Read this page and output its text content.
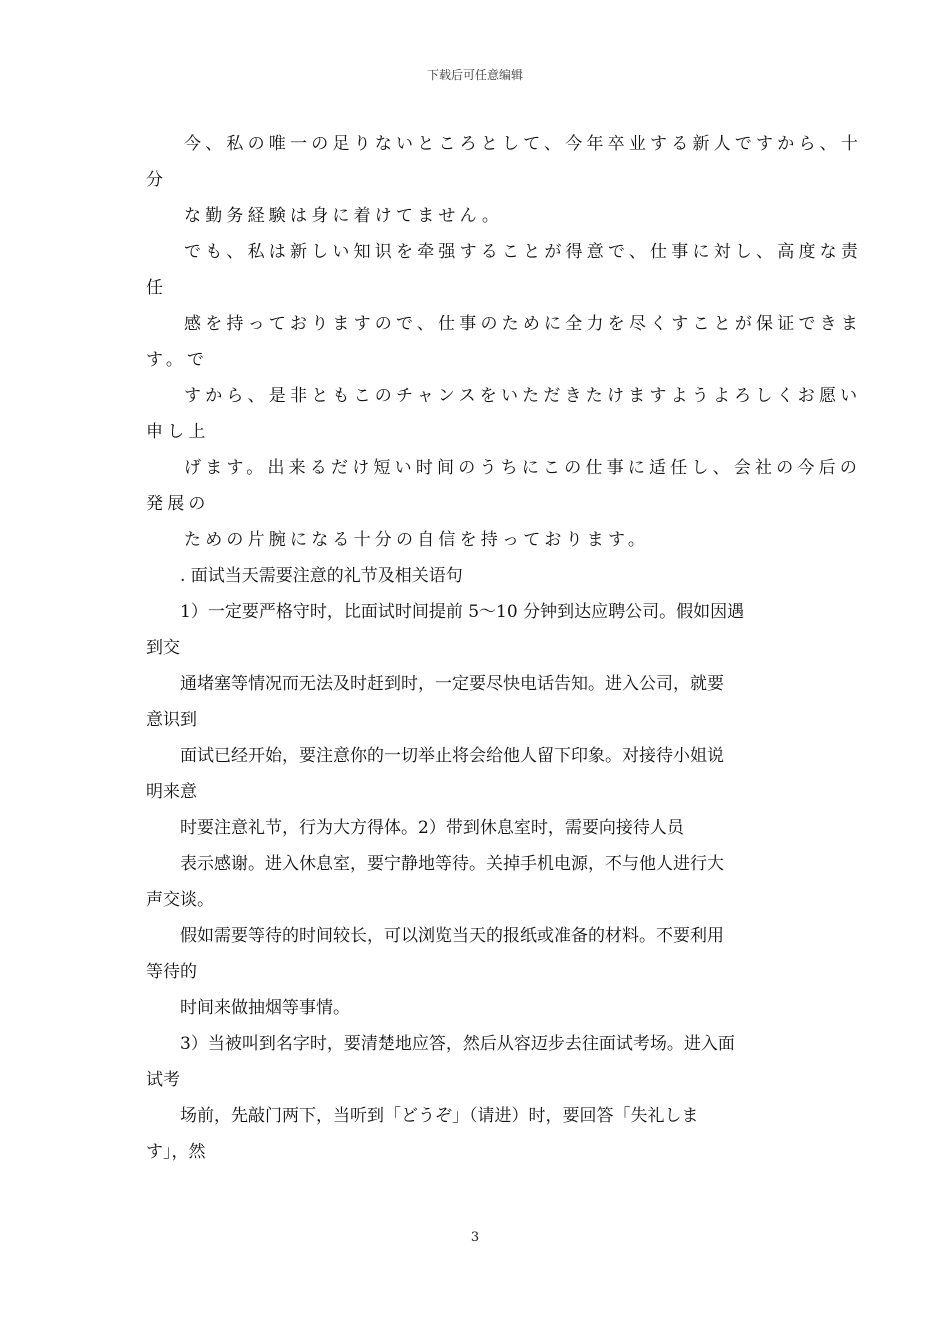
下载后可任意编辑
今、私の唯一の足りないところとして、今年卒业する新人ですから、十
分
な勤务経験は身に着けてません。
でも、私は新しい知识を牵强することが得意で、仕事に対し、高度な责
任
感を持っておりますので、仕事のために全力を尽くすことが保证できま
す。で
すから、是非ともこのチャンスをいただきたけますようよろしくお愿い
申し上
げます。出来るだけ短い时间のうちにこの仕事に适任し、会社の今后の
発展の
ための片腕になる十分の自信を持っております。
. 面试当天需要注意的礼节及相关语句
1）一定要严格守时，比面试时间提前 5～10 分钟到达应聘公司。假如因遇
到交
通堵塞等情况而无法及时赶到时，一定要尽快电话告知。进入公司，就要
意识到
面试已经开始，要注意你的一切举止将会给他人留下印象。对接待小姐说
明来意
时要注意礼节，行为大方得体。2）带到休息室时，需要向接待人员
表示感谢。进入休息室，要宁静地等待。关掉手机电源，不与他人进行大
声交谈。
假如需要等待的时间较长，可以浏览当天的报纸或准备的材料。不要利用
等待的
时间来做抽烟等事情。
3）当被叫到名字时，要清楚地应答，然后从容迈步去往面试考场。进入面
试考
场前，先敲门两下，当听到「どうぞ」（请进）时，要回答「失礼しま
す」，然
3
